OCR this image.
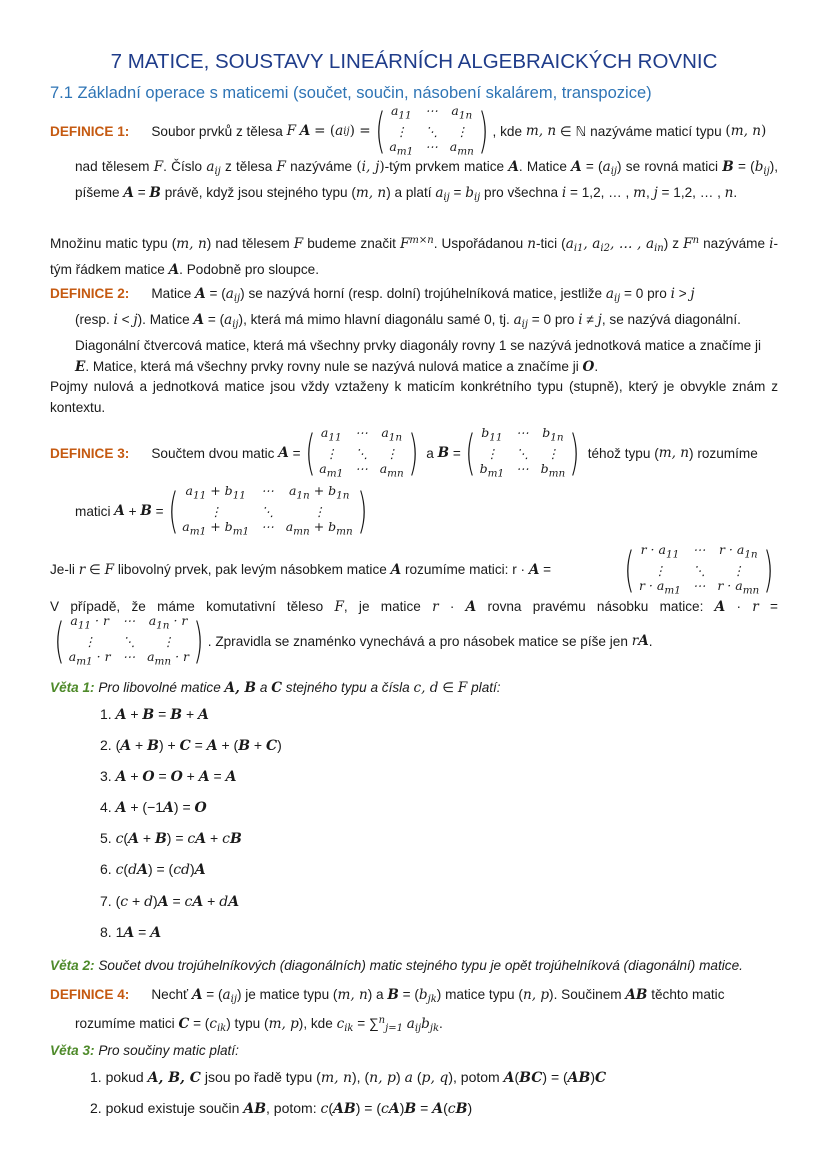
7 MATICE, SOUSTAVY LINEÁRNÍCH ALGEBRAICKÝCH ROVNIC
7.1 Základní operace s maticemi (součet, součin, násobení skalárem, transpozice)
DEFINICE 1: Soubor prvků z tělesa
F
A
= ( a ij ) = ( $a_{11}$ ⋯ $a_{1n}$
⋮	⋱	⋮
$a_{m1}$ ⋯ $a_{mn}$ ) , kde
m, n ∈ ℕ nazýváme maticí typu
( m, n )
nad tělesem F. Číslo $a_{ij}$ z tělesa F nazýváme (i, j)-tým prvkem matice A. Matice $A = (a_{ij})$ se rovná matici $B = (b_{ij})$, píšeme A = B právě, když jsou stejného typu (m, n) a platí $a_{ij} = b_{ij}$ pro všechna i = 1,2, … , m, j = 1,2, … , n.
Množinu matic typu (m, n) nad tělesem F budeme značit $F^{m\times n}$. Uspořádanou n-tici ($a_{i1}$, $a_{i2}$, … , $a_{in}$) z $F^n$ nazýváme i-tým řádkem matice A. Podobně pro sloupce.
DEFINICE 2: Matice $A = (a_{ij})$ se nazývá horní (resp. dolní) trojúhelníková matice, jestliže $a_{ij} = 0$ pro i > j
(resp. i < j). Matice $A = (a_{ij})$, která má mimo hlavní diagonálu samé 0, tj. $a_{ij} = 0$ pro i ≠ j, se nazývá diagonální.
Diagonální čtvercová matice, která má všechny prvky diagonály rovny 1 se nazývá jednotková matice a značíme ji
E. Matice, která má všechny prvky rovny nule se nazývá nulová matice a značíme ji O.
Pojmy nulová a jednotková matice jsou vždy vztaženy k maticím konkrétního typu (stupně), který je obvykle znám z kontextu.
DEFINICE 3: Součtem dvou matic
A = ( $a_{11}$ ⋯ $a_{1n}$
⋮	⋱	⋮
$a_{m1}$ ⋯ $a_{mn}$ )
a
B = ( $b_{11}$ ⋯ $b_{1n}$
⋮	⋱	⋮
$b_{m1}$ ⋯ $b_{mn}$ )
téhož typu ( m, n ) rozumíme
matici
A + B = ( $a_{11} + b_{11}$ ⋯ $a_{1n} + b_{1n}$
⋮	⋱	⋮
$a_{m1} + b_{m1}$ ⋯ $a_{mn} + b_{mn}$ )
Je-li r ∈ F libovolný prvek, pak levým násobkem matice A rozumíme matici: r · A = ( $r \cdot a_{11}$ ⋯ $r \cdot a_{1n}$
⋮	⋱	⋮
$r \cdot a_{m1}$ ⋯ $r \cdot a_{mn}$ )
V případě, že máme komutativní těleso F, je matice r · A rovna pravému násobku matice: A · r =
( $a_{11} \cdot r$ ⋯ $a_{1n} \cdot r$
⋮	⋱	⋮
$a_{m1} \cdot r$ ⋯ $a_{mn} \cdot r$ ) . Zpravidla se znaménko vynechává a pro násobek matice se píše jen
r A .
Věta 1: Pro libovolné matice A, B a C stejného typu a čísla c, d ∈ F platí:
1. A + B = B + A
2. (A + B) + C = A + (B + C)
3. A + O = O + A = A
4. A + (−1A) = O
5. c(A + B) = cA + cB
6. c(dA) = (cd)A
7. (c + d)A = cA + dA
8. 1A = A
Věta 2: Součet dvou trojúhelníkových (diagonálních) matic stejného typu je opět trojúhelníková (diagonální) matice.
DEFINICE 4: Nechť $A = (a_{ij})$ je matice typu (m, n) a $B = (b_{jk})$ matice typu (n, p). Součinem AB těchto matic
rozumíme matici $C = (c_{ik})$ typu (m, p), kde $c_{ik} = \sum^n_{j=1}$ $a_{ij}b_{jk}$.
Věta 3: Pro součiny matic platí:
1. pokud A, B, C jsou po řadě typu (m, n), (n, p) a (p, q), potom A(BC) = (AB)C
2. pokud existuje součin AB, potom: c(AB) = (cA)B = A(cB)
